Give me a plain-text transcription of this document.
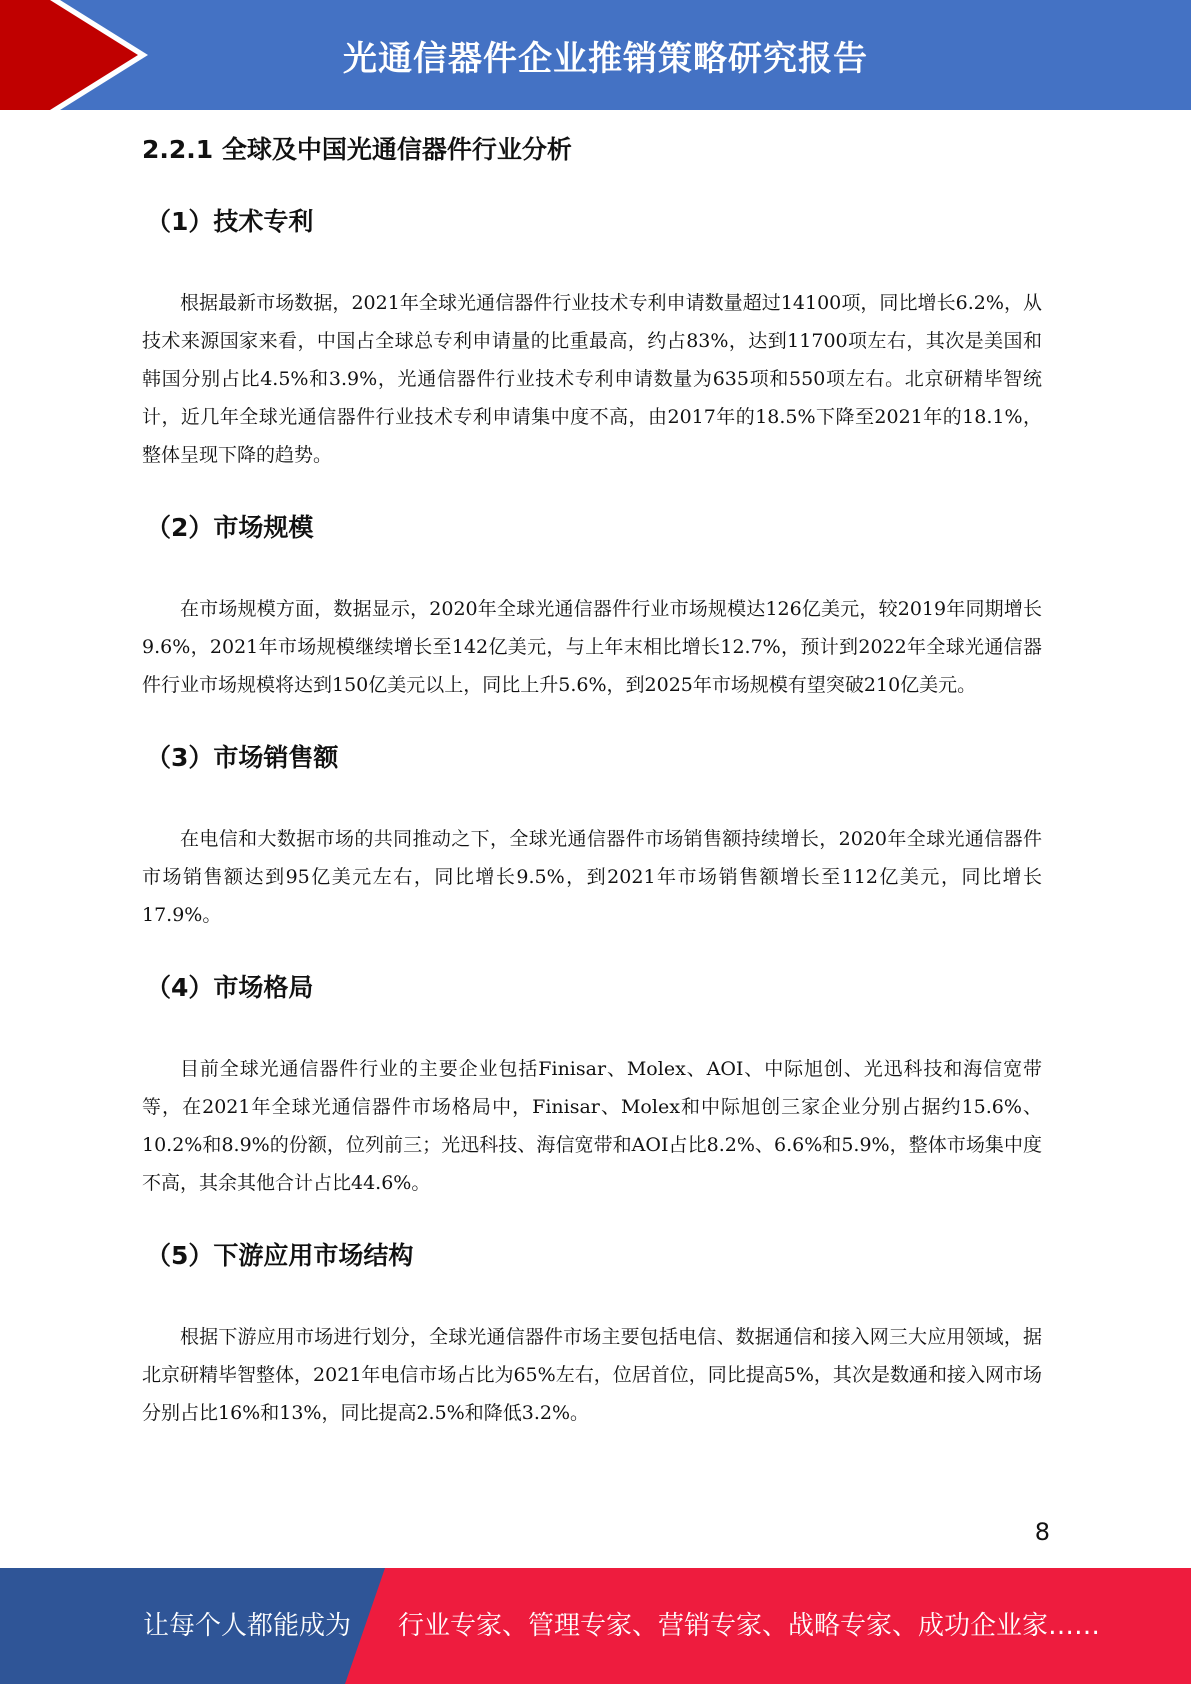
光通信器件企业推销策略研究报告
2.2.1 全球及中国光通信器件行业分析
（1）技术专利

根据最新市场数据，2021年全球光通信器件行业技术专利申请数量超过14100项，同比增长6.2%，从技术来源国家来看，中国占全球总专利申请量的比重最高，约占83%，达到11700项左右，其次是美国和韩国分别占比4.5%和3.9%，光通信器件行业技术专利申请数量为635项和550项左右。北京研精毕智统计，近几年全球光通信器件行业技术专利申请集中度不高，由2017年的18.5%下降至2021年的18.1%，整体呈现下降的趋势。

（2）市场规模

在市场规模方面，数据显示，2020年全球光通信器件行业市场规模达126亿美元，较2019年同期增长9.6%，2021年市场规模继续增长至142亿美元，与上年末相比增长12.7%，预计到2022年全球光通信器件行业市场规模将达到150亿美元以上，同比上升5.6%，到2025年市场规模有望突破210亿美元。

（3）市场销售额

在电信和大数据市场的共同推动之下，全球光通信器件市场销售额持续增长，2020年全球光通信器件市场销售额达到95亿美元左右，同比增长9.5%，到2021年市场销售额增长至112亿美元，同比增长17.9%。

（4）市场格局

目前全球光通信器件行业的主要企业包括Finisar、Molex、AOI、中际旭创、光迅科技和海信宽带等，在2021年全球光通信器件市场格局中，Finisar、Molex和中际旭创三家企业分别占据约15.6%、10.2%和8.9%的份额，位列前三；光迅科技、海信宽带和AOI占比8.2%、6.6%和5.9%，整体市场集中度不高，其余其他合计占比44.6%。

（5）下游应用市场结构

根据下游应用市场进行划分，全球光通信器件市场主要包括电信、数据通信和接入网三大应用领域，据北京研精毕智整体，2021年电信市场占比为65%左右，位居首位，同比提高5%，其次是数通和接入网市场分别占比16%和13%，同比提高2.5%和降低3.2%。

8
让每个人都能成为 行业专家、管理专家、营销专家、战略专家、成功企业家……
